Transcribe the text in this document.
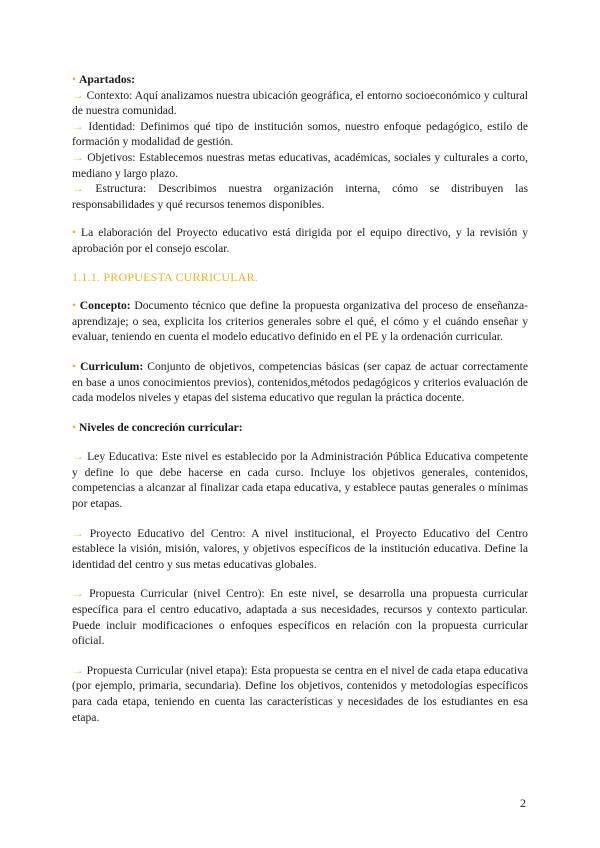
• Apartados:

→ Contexto: Aquí analizamos nuestra ubicación geográfica, el entorno socioeconómico y cultural de nuestra comunidad.

→ Identidad: Definimos qué tipo de institución somos, nuestro enfoque pedagógico, estilo de formación y modalidad de gestión.

→ Objetivos: Establecemos nuestras metas educativas, académicas, sociales y culturales a corto, mediano y largo plazo.

→ Estructura: Describimos nuestra organización interna, cómo se distribuyen las responsabilidades y qué recursos tenemos disponibles.

• La elaboración del Proyecto educativo está dirigida por el equipo directivo, y la revisión y aprobación por el consejo escolar.

1.1.1. PROPUESTA CURRICULAR.

• Concepto: Documento técnico que define la propuesta organizativa del proceso de enseñanza-aprendizaje; o sea, explicita los criterios generales sobre el qué, el cómo y el cuándo enseñar y evaluar, teniendo en cuenta el modelo educativo definido en el PE y la ordenación curricular.

• Curriculum: Conjunto de objetivos, competencias básicas (ser capaz de actuar correctamente en base a unos conocimientos previos), contenidos,métodos pedagógicos y criterios evaluación de cada modelos niveles y etapas del sistema educativo que regulan la práctica docente.

• Niveles de concreción curricular:

→ Ley Educativa: Este nivel es establecido por la Administración Pública Educativa competente y define lo que debe hacerse en cada curso. Incluye los objetivos generales, contenidos, competencias a alcanzar al finalizar cada etapa educativa, y establece pautas generales o mínimas por etapas.

→ Proyecto Educativo del Centro: A nivel institucional, el Proyecto Educativo del Centro establece la visión, misión, valores, y objetivos específicos de la institución educativa. Define la identidad del centro y sus metas educativas globales.

→ Propuesta Curricular (nivel Centro): En este nivel, se desarrolla una propuesta curricular específica para el centro educativo, adaptada a sus necesidades, recursos y contexto particular. Puede incluir modificaciones o enfoques específicos en relación con la propuesta curricular oficial.

→ Propuesta Curricular (nivel etapa): Esta propuesta se centra en el nivel de cada etapa educativa (por ejemplo, primaria, secundaria). Define los objetivos, contenidos y metodologías específicos para cada etapa, teniendo en cuenta las características y necesidades de los estudiantes en esa etapa.

2
